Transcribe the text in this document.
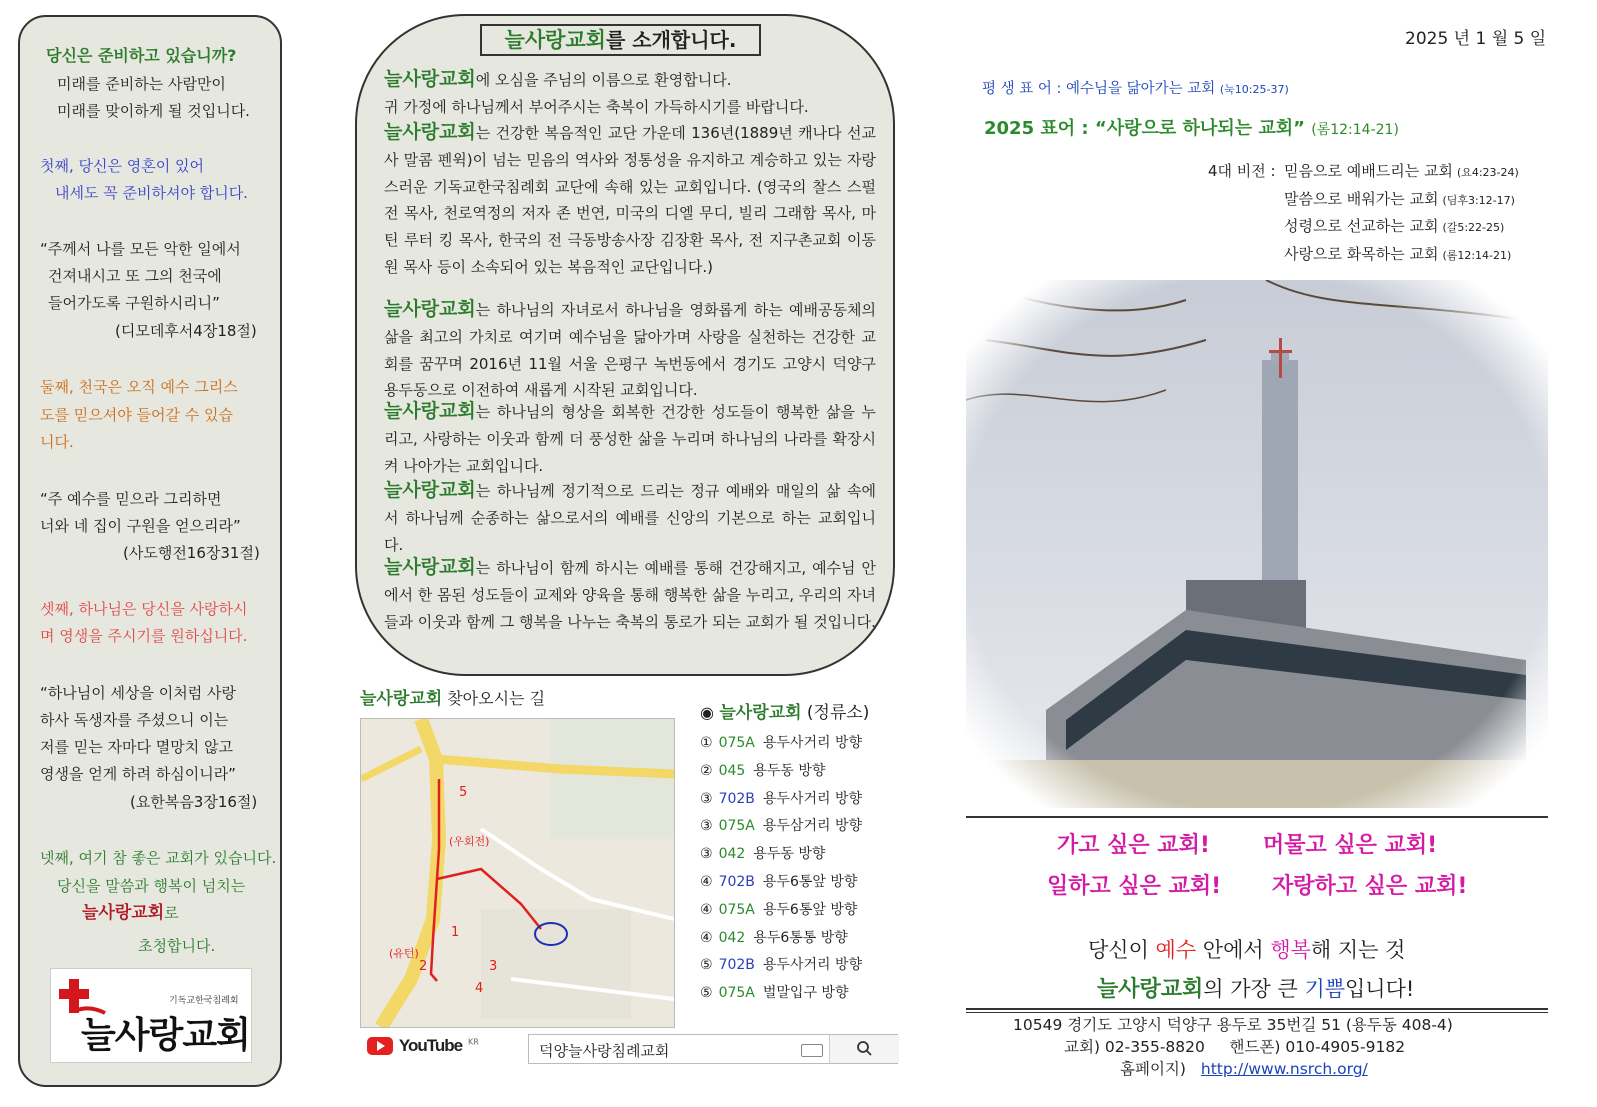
당신은 준비하고 있습니까?
미래를 준비하는 사람만이
미래를 맞이하게 될 것입니다.
첫째, 당신은 영혼이 있어
내세도 꼭 준비하셔야 합니다.
“주께서 나를 모든 악한 일에서
건져내시고 또 그의 천국에
들어가도록 구원하시리니”
(디모데후서4장18절)
둘째, 천국은 오직 예수 그리스
도를 믿으셔야 들어갈 수 있습
니다.
“주 예수를 믿으라 그리하면
너와 네 집이 구원을 얻으리라”
(사도행전16장31절)
셋째, 하나님은 당신을 사랑하시
며 영생을 주시기를 원하십니다.
“하나님이 세상을 이처럼 사랑
하사 독생자를 주셨으니 이는
저를 믿는 자마다 멸망치 않고
영생을 얻게 하려 하심이니라”
(요한복음3장16절)
넷째, 여기 참 좋은 교회가 있습니다.
당신을 말씀과 행복이 넘치는
늘사랑교회로
초청합니다.
기독교한국침례회
늘사랑교회
늘사랑교회를 소개합니다.
늘사랑교회에 오심을 주님의 이름으로 환영합니다.
귀 가정에 하나님께서 부어주시는 축복이 가득하시기를 바랍니다.
늘사랑교회는 건강한 복음적인 교단 가운데 136년(1889년 캐나다 선교사 말콤 펜윅)이 넘는 믿음의 역사와 정통성을 유지하고 계승하고 있는 자랑스러운 기독교한국침례회 교단에 속해 있는 교회입니다. (영국의 찰스 스펄전 목사, 천로역정의 저자 존 번연, 미국의 디엘 무디, 빌리 그래함 목사, 마틴 루터 킹 목사, 한국의 전 극동방송사장 김장환 목사, 전 지구촌교회 이동원 목사 등이 소속되어 있는 복음적인 교단입니다.)
늘사랑교회는 하나님의 자녀로서 하나님을 영화롭게 하는 예배공동체의 삶을 최고의 가치로 여기며 예수님을 닮아가며 사랑을 실천하는 건강한 교회를 꿈꾸며 2016년 11월 서울 은평구 녹번동에서 경기도 고양시 덕양구 용두동으로 이전하여 새롭게 시작된 교회입니다.
늘사랑교회는 하나님의 형상을 회복한 건강한 성도들이 행복한 삶을 누리고, 사랑하는 이웃과 함께 더 풍성한 삶을 누리며 하나님의 나라를 확장시켜 나아가는 교회입니다.
늘사랑교회는 하나님께 정기적으로 드리는 정규 예배와 매일의 삶 속에서 하나님께 순종하는 삶으로서의 예배를 신앙의 기본으로 하는 교회입니다.
늘사랑교회는 하나님이 함께 하시는 예배를 통해 건강해지고, 예수님 안에서 한 몸된 성도들이 교제와 양육을 통해 행복한 삶을 누리고, 우리의 자녀들과 이웃과 함께 그 행복을 나누는 축복의 통로가 되는 교회가 될 것입니다.
늘사랑교회 찾아오시는 길
(우회전)
(유턴)
1
2	3
4
5
YouTube $^{KR}$
덕양늘사랑침례교회
◉ 늘사랑교회 (정류소)
① 075A 용두사거리 방향
② 045 용두동 방향
③ 702B 용두사거리 방향
③ 075A 용두삼거리 방향
③ 042 용두동 방향
④ 702B 용두6통앞 방향
④ 075A 용두6통앞 방향
④ 042 용두6통통 방향
⑤ 702B 용두사거리 방향
⑤ 075A 벌말입구 방향
2025 년 1 월 5 일
평 생 표 어 : 예수님을 닮아가는 교회 (눅10:25-37)
2025 표어 : “사랑으로 하나되는 교회” (롬12:14-21)
4대 비전 : 믿음으로 예배드리는 교회 (요4:23-24)
말씀으로 배워가는 교회 (딤후3:12-17)
성령으로 선교하는 교회 (갈5:22-25)
사랑으로 화목하는 교회 (롬12:14-21)
가고 싶은 교회! 머물고 싶은 교회!
일하고 싶은 교회! 자랑하고 싶은 교회!
당신이 예수 안에서 행복해 지는 것
늘사랑교회의 가장 큰 기쁨입니다!
10549 경기도 고양시 덕양구 용두로 35번길 51 (용두동 408-4)
교회) 02-355-8820     핸드폰) 010-4905-9182
홈페이지) http://www.nsrch.org/
